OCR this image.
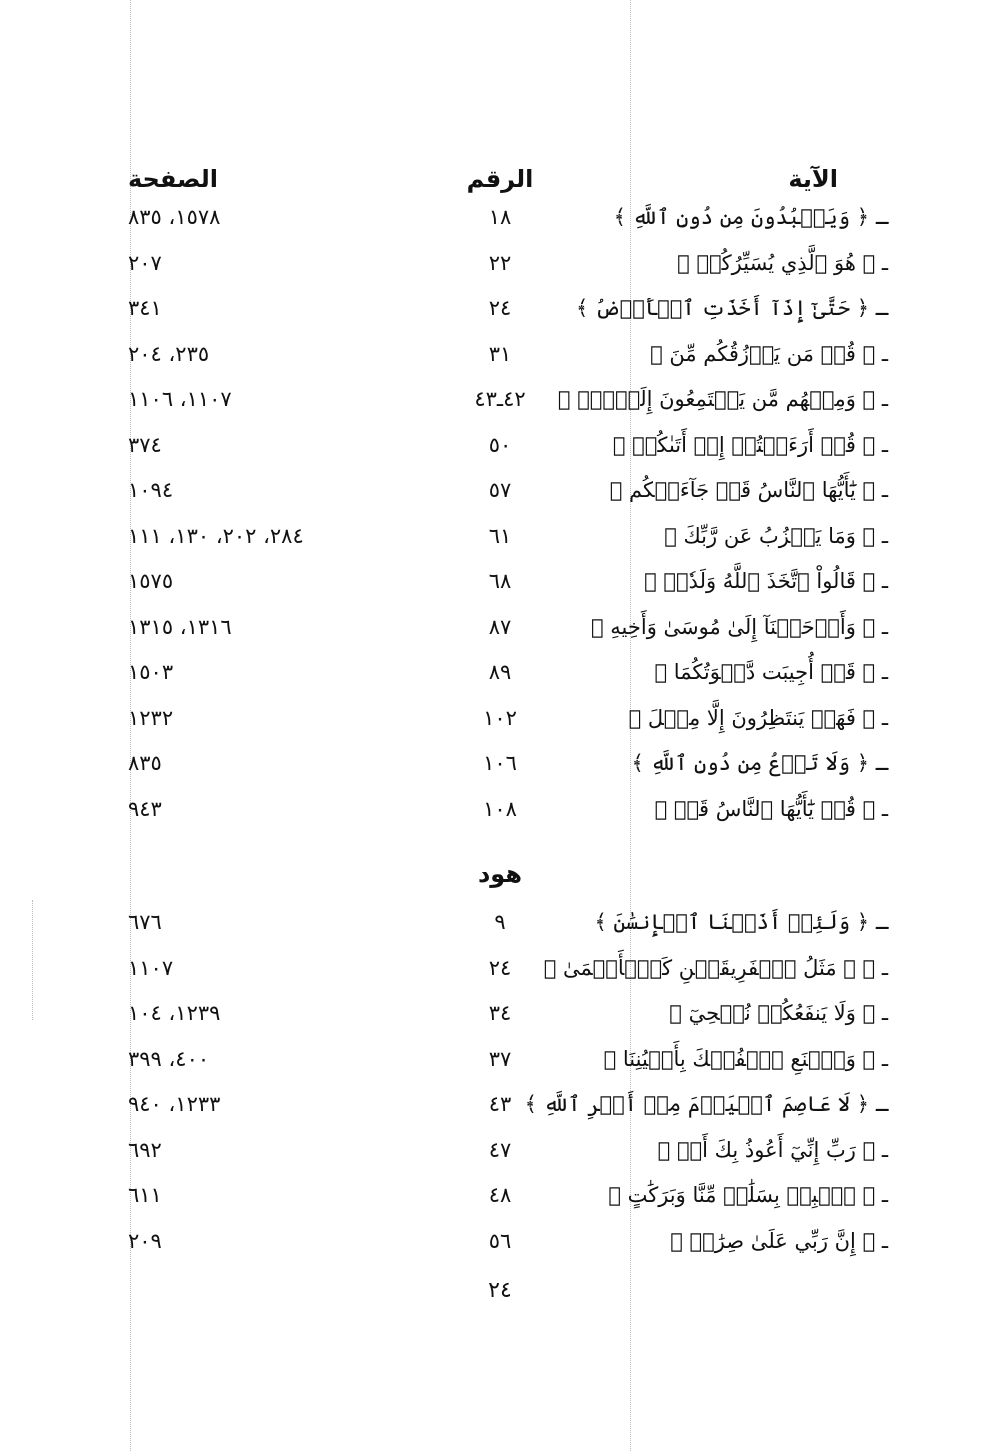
الآية
الرقم
الصفحة
ـ ﴿ وَيَعۡبُدُونَ مِن دُونِ ٱللَّهِ ﴾
١٨
١٥٧٨، ٨٣٥
ـ ﴿ هُوَ ٱلَّذِي يُسَيِّرُكُمۡ ﴾
٢٢
٢٠٧
ـ ﴿ حَتَّىٰٓ إِذَآ أَخَذَتِ ٱلۡأَرۡضُ ﴾
٢٤
٣٤١
ـ ﴿ قُلۡ مَن يَرۡزُقُكُم مِّنَ ﴾
٣١
٢٣٥، ٢٠٤
ـ ﴿ وَمِنۡهُم مَّن يَسۡتَمِعُونَ إِلَيۡكَۚ ﴾
٤٢ـ٤٣
١١٠٧، ١١٠٦
ـ ﴿ قُلۡ أَرَءَيۡتُمۡ إِنۡ أَتَىٰكُمۡ ﴾
٥٠
٣٧٤
ـ ﴿ يَٰٓأَيُّهَا ٱلنَّاسُ قَدۡ جَآءَتۡكُم ﴾
٥٧
١٠٩٤
ـ ﴿ وَمَا يَعۡزُبُ عَن رَّبِّكَ ﴾
٦١
٢٨٤، ٢٠٢، ١٣٠، ١١١
ـ ﴿ قَالُواْ ٱتَّخَذَ ٱللَّهُ وَلَدٗاۗ ﴾
٦٨
١٥٧٥
ـ ﴿ وَأَوۡحَيۡنَآ إِلَىٰ مُوسَىٰ وَأَخِيهِ ﴾
٨٧
١٣١٦، ١٣١٥
ـ ﴿ قَدۡ أُجِيبَت دَّعۡوَتُكُمَا ﴾
٨٩
١٥٠٣
ـ ﴿ فَهَلۡ يَنتَظِرُونَ إِلَّا مِثۡلَ ﴾
١٠٢
١٢٣٢
ـ ﴿ وَلَا تَدۡعُ مِن دُونِ ٱللَّهِ ﴾
١٠٦
٨٣٥
ـ ﴿ قُلۡ يَٰٓأَيُّهَا ٱلنَّاسُ قَدۡ ﴾
١٠٨
٩٤٣
هود
ـ ﴿ وَلَئِنۡ أَذَقۡنَا ٱلۡإِنسَٰنَ ﴾
٩
٦٧٦
ـ ﴿ ۞ مَثَلُ ٱلۡفَرِيقَيۡنِ كَٱلۡأَعۡمَىٰ ﴾
٢٤
١١٠٧
ـ ﴿ وَلَا يَنفَعُكُمۡ نُصۡحِيٓ ﴾
٣٤
١٢٣٩، ١٠٤
ـ ﴿ وَٱصۡنَعِ ٱلۡفُلۡكَ بِأَعۡيُنِنَا ﴾
٣٧
٤٠٠، ٣٩٩
ـ ﴿ لَا عَاصِمَ ٱلۡيَوۡمَ مِنۡ أَمۡرِ ٱللَّهِ ﴾
٤٣
١٢٣٣، ٩٤٠
ـ ﴿ رَبِّ إِنِّيٓ أَعُوذُ بِكَ أَنۡ ﴾
٤٧
٦٩٢
ـ ﴿ ٱهۡبِطۡ بِسَلَٰمٖ مِّنَّا وَبَرَكَٰتٍ ﴾
٤٨
٦١١
ـ ﴿ إِنَّ رَبِّي عَلَىٰ صِرَٰطٖ ﴾
٥٦
٢٠٩
٢٤
